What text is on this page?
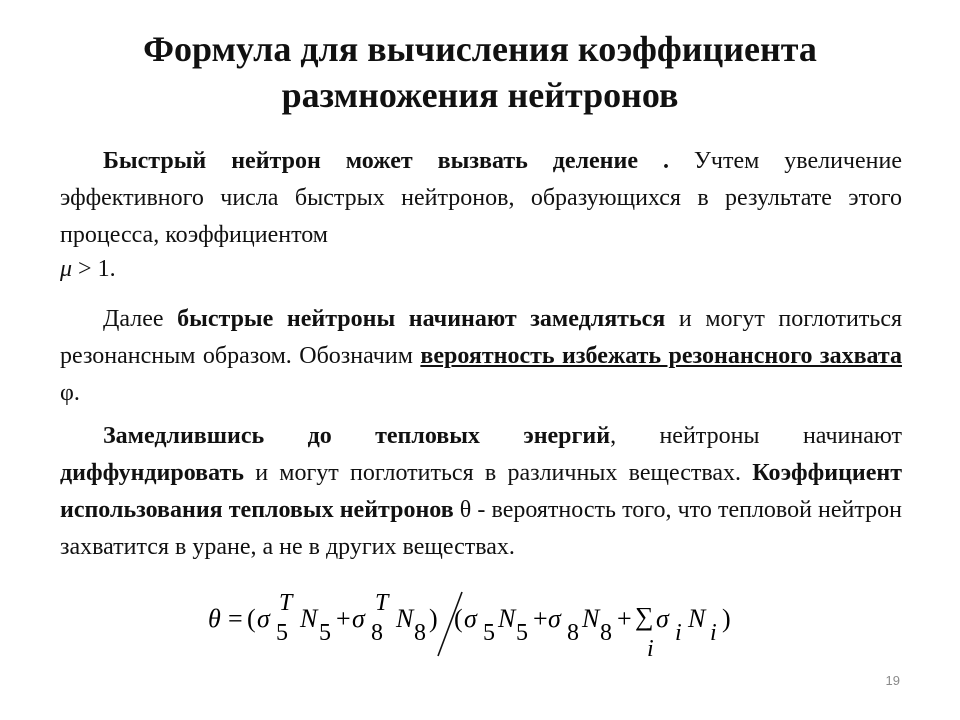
Формула для вычисления коэффициента
размножения нейтронов

Быстрый нейтрон может вызвать деление . Учтем увеличение эффективного числа быстрых нейтронов, образующихся в результате этого процесса, коэффициентом

μ > 1.

Далее быстрые нейтроны начинают замедляться и могут поглотиться резонансным образом. Обозначим вероятность избежать резонансного захвата φ.

Замедлившись до тепловых энергий, нейтроны начинают диффундировать и могут поглотиться в различных веществах. Коэффициент использования тепловых нейтронов θ - вероятность того, что тепловой нейтрон захватится в уране, а не в других веществах.

θ = ( σ
T
5 N 5 + σ
T
8 N 8 ) ( σ 5 N 5 + σ 8 N 8 + ∑
i
σ i N i )
19
